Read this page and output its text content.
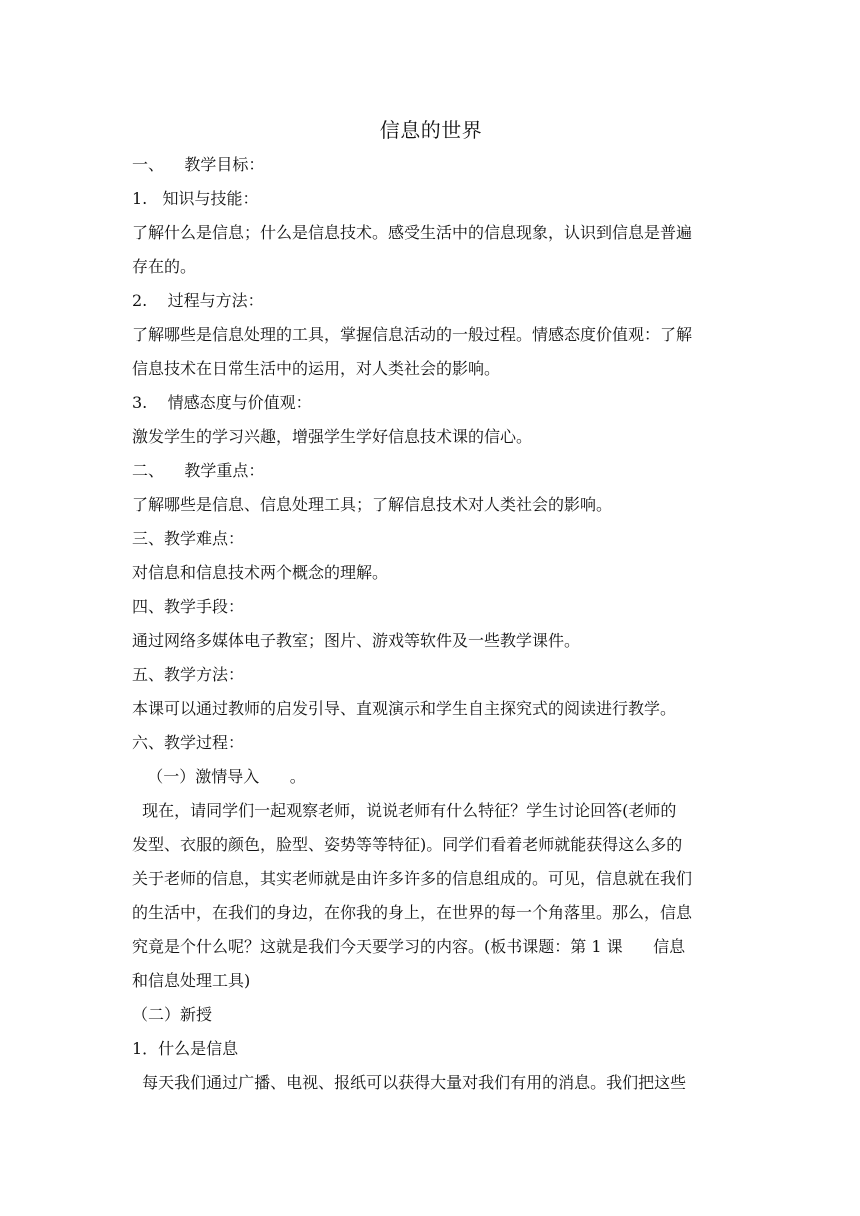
信息的世界

一、    教学目标：

1.   知识与技能：

了解什么是信息；什么是信息技术。感受生活中的信息现象，认识到信息是普遍

存在的。

2.    过程与方法：

了解哪些是信息处理的工具，掌握信息活动的一般过程。情感态度价值观：了解

信息技术在日常生活中的运用，对人类社会的影响。

3.    情感态度与价值观：

激发学生的学习兴趣，增强学生学好信息技术课的信心。

二、    教学重点：

了解哪些是信息、信息处理工具；了解信息技术对人类社会的影响。

三、教学难点：

对信息和信息技术两个概念的理解。

四、教学手段：

通过网络多媒体电子教室；图片、游戏等软件及一些教学课件。

五、教学方法：

本课可以通过教师的启发引导、直观演示和学生自主探究式的阅读进行教学。

六、教学过程：

（一）激情导入      。

现在，请同学们一起观察老师，说说老师有什么特征？学生讨论回答(老师的

发型、衣服的颜色，脸型、姿势等等特征)。同学们看着老师就能获得这么多的

关于老师的信息，其实老师就是由许多许多的信息组成的。可见，信息就在我们

的生活中，在我们的身边，在你我的身上，在世界的每一个角落里。那么，信息

究竟是个什么呢？这就是我们今天要学习的内容。(板书课题：第 1 课      信息

和信息处理工具)

（二）新授

1．什么是信息

每天我们通过广播、电视、报纸可以获得大量对我们有用的消息。我们把这些
